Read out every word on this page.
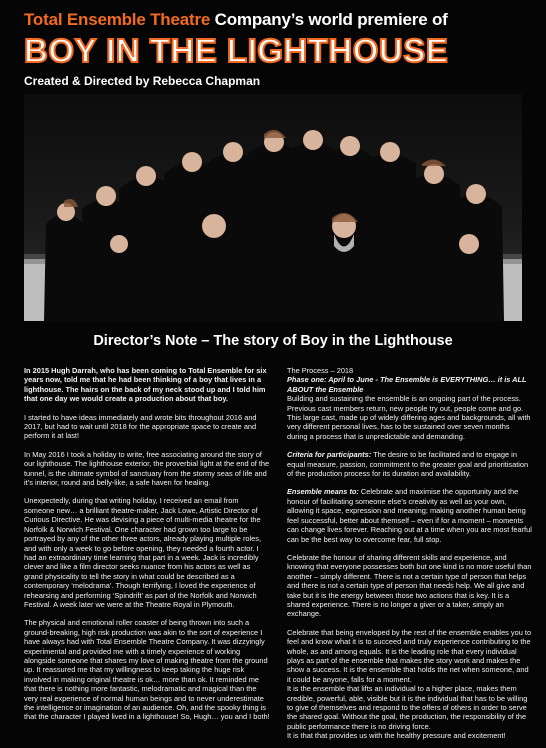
Total Ensemble Theatre Company’s world premiere of
BOY IN THE LIGHTHOUSE
Created & Directed by Rebecca Chapman
Director’s Note – The story of Boy in the Lighthouse

In 2015 Hugh Darrah, who has been coming to Total Ensemble for six years now, told me that he had been thinking of a boy that lives in a lighthouse. The hairs on the back of my neck stood up and I told him that one day we would create a production about that boy.

I started to have ideas immediately and wrote bits throughout 2016 and 2017, but had to wait until 2018 for the appropriate space to create and perform it at last!

In May 2016 I took a holiday to write, free associating around the story of our lighthouse. The lighthouse exterior, the proverbial light at the end of the tunnel, is the ultimate symbol of sanctuary from the stormy seas of life and it’s interior, round and belly-like, a safe haven for healing.

Unexpectedly, during that writing holiday, I received an email from someone new… a brilliant theatre-maker, Jack Lowe, Artistic Director of Curious Directive. He was devising a piece of multi-media theatre for the Norfolk & Norwich Festival. One character had grown too large to be portrayed by any of the other three actors, already playing multiple roles, and with only a week to go before opening, they needed a fourth actor. I had an extraordinary time learning that part in a week. Jack is incredibly clever and like a film director seeks nuance from his actors as well as grand physicality to tell the story in what could be described as a contemporary ‘melodrama’. Though terrifying, I loved the experience of rehearsing and performing ‘Spindrift’ as part of the Norfolk and Norwich Festival. A week later we were at the Theatre Royal in Plymouth.

The physical and emotional roller coaster of being thrown into such a ground-breaking, high risk production was akin to the sort of experience I have always had with Total Ensemble Theatre Company. It was dizzyingly experimental and provided me with a timely experience of working alongside someone that shares my love of making theatre from the ground up. It reassured me that my willingness to keep taking the huge risk involved in making original theatre is ok… more than ok. It reminded me that there is nothing more fantastic, melodramatic and magical than the very real experience of normal human beings and to never underestimate the intelligence or imagination of an audience. Oh, and the spooky thing is that the character I played lived in a lighthouse! So, Hugh… you and I both!

The Process – 2018

Phase one: April to June - The Ensemble is EVERYTHING… it is ALL ABOUT the Ensemble

Building and sustaining the ensemble is an ongoing part of the process. Previous cast members return, new people try out, people come and go. This large cast, made up of widely differing ages and backgrounds, all with very different personal lives, has to be sustained over seven months during a process that is unpredictable and demanding.

Criteria for participants: The desire to be facilitated and to engage in equal measure, passion, commitment to the greater goal and prioritisation of the production process for its duration and availability.

Ensemble means to: Celebrate and maximise the opportunity and the honour of facilitating someone else’s creativity as well as your own, allowing it space, expression and meaning; making another human being feel successful, better about themself – even if for a moment – moments can change lives forever. Reaching out at a time when you are most fearful can be the best way to overcome fear, full stop.

Celebrate the honour of sharing different skills and experience, and knowing that everyone possesses both but one kind is no more useful than another – simply different. There is not a certain type of person that helps and there is not a certain type of person that needs help. We all give and take but it is the energy between those two actions that is key. It is a shared experience. There is no longer a giver or a taker, simply an exchange.

Celebrate that being enveloped by the rest of the ensemble enables you to feel and know what it is to succeed and truly experience contributing to the whole, as and among equals. It is the leading role that every individual plays as part of the ensemble that makes the story work and makes the show a success. It is the ensemble that holds the net when someone, and it could be anyone, falls for a moment.

It is the ensemble that lifts an individual to a higher place, makes them credible, powerful, able, visible but it is the individual that has to be willing to give of themselves and respond to the offers of others in order to serve the shared goal. Without the goal, the production, the responsibility of the public performance there is no driving force.

It is that that provides us with the healthy pressure and excitement!
